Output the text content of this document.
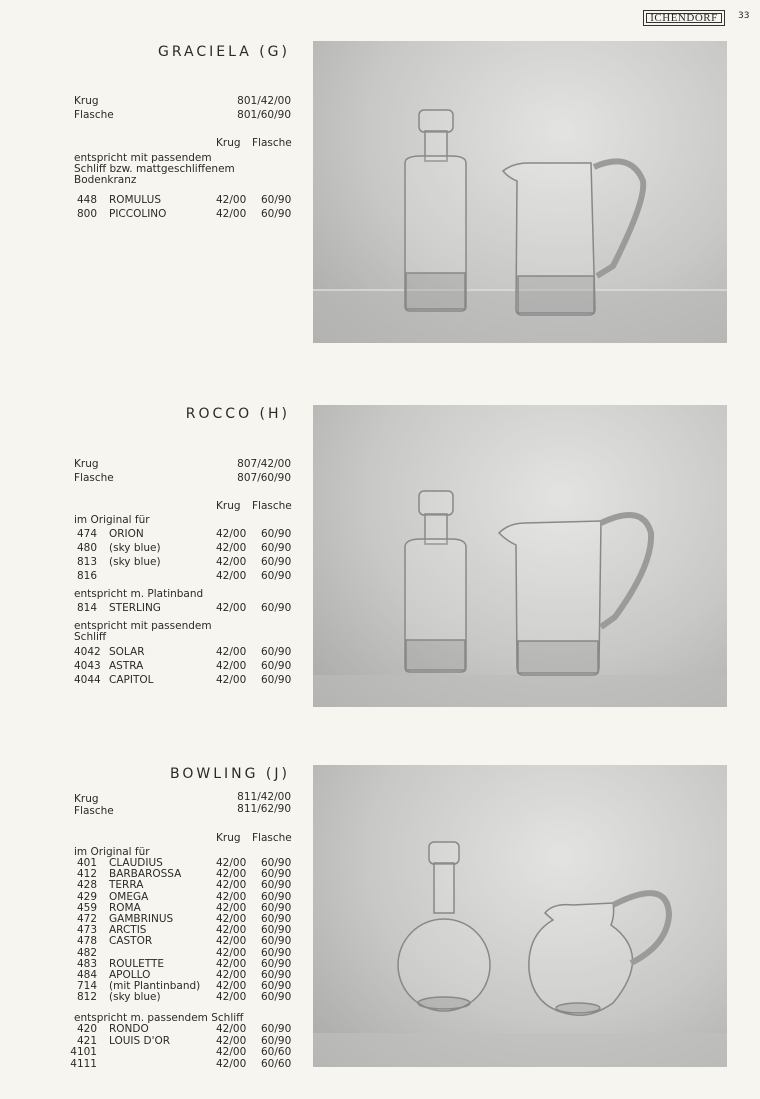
ICHENDORF	33
GRACIELA (G)
Krug	801/42/00
Flasche	801/60/90
Krug Flasche
entspricht mit passendem
Schliff bzw. mattgeschliffenem
Bodenkranz
448 ROMULUS	42/00 60/90
800 PICCOLINO	42/00 60/90
ROCCO (H)
Krug	807/42/00
Flasche	807/60/90
Krug Flasche
im Original für
474 ORION	42/00 60/90
480 (sky blue)	42/00 60/90
813 (sky blue)	42/00 60/90
816	42/00 60/90
entspricht m. Platinband
814 STERLING	42/00 60/90
entspricht mit passendem
Schliff
4042 SOLAR	42/00 60/90
4043 ASTRA	42/00 60/90
4044 CAPITOL	42/00 60/90
BOWLING (J)
Krug	811/42/00
Flasche	811/62/90
Krug Flasche
im Original für
401 CLAUDIUS	42/00 60/90
412 BARBAROSSA	42/00 60/90
428 TERRA	42/00 60/90
429 OMEGA	42/00 60/90
459 ROMA	42/00 60/90
472 GAMBRINUS	42/00 60/90
473 ARCTIS	42/00 60/90
478 CASTOR	42/00 60/90
482	42/00 60/90
483 ROULETTE	42/00 60/90
484 APOLLO	42/00 60/90
714 (mit Plantinband) 42/00 60/90
812 (sky blue)	42/00 60/90
entspricht m. passendem Schliff
420 RONDO	42/00 60/90
421 LOUIS D'OR	42/00 60/90
4101	42/00 60/60
4111	42/00 60/60
